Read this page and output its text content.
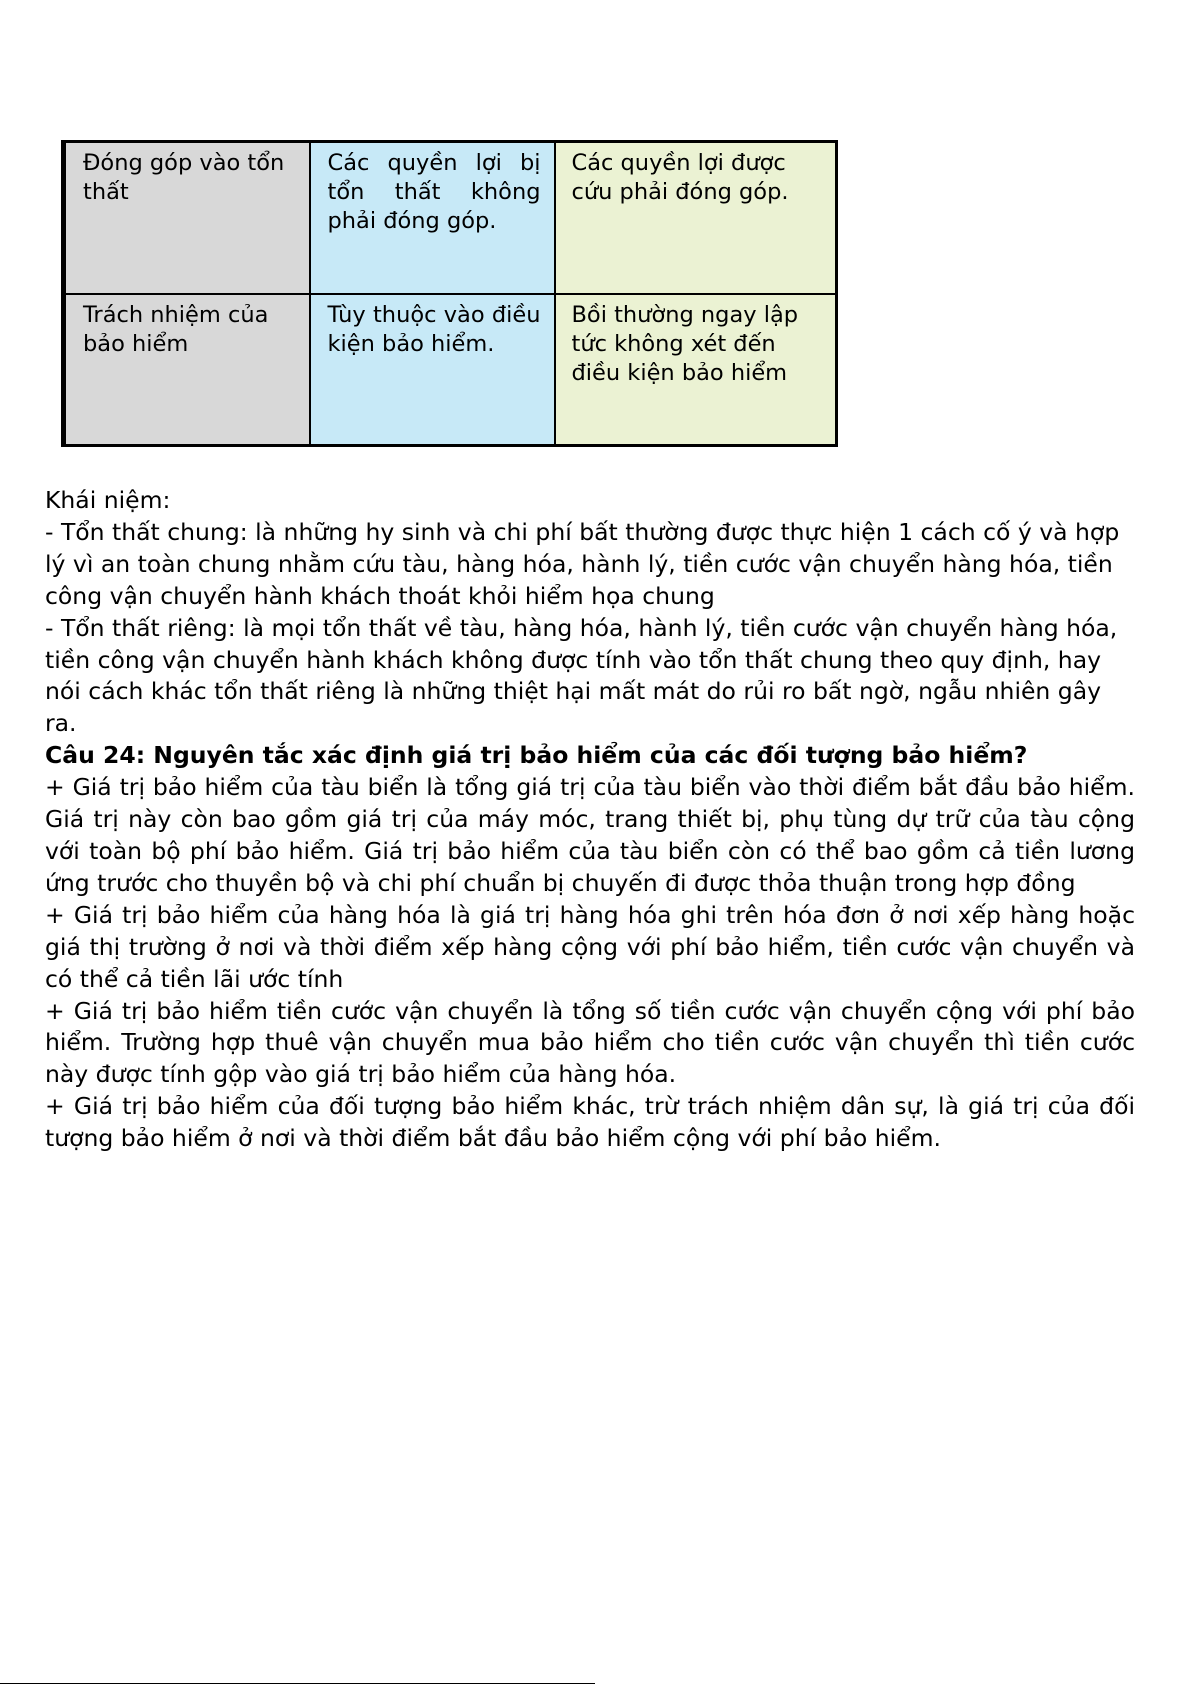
Đóng góp vào tổn thất	Các quyền lợi bị tổn thất không phải đóng góp.	Các quyền lợi được cứu phải đóng góp.
Trách nhiệm của bảo hiểm	Tùy thuộc vào điều kiện bảo hiểm.	Bồi thường ngay lập tức không xét đến điều kiện bảo hiểm

Khái niệm:

- Tổn thất chung: là những hy sinh và chi phí bất thường được thực hiện 1 cách cố ý và hợp lý vì an toàn chung nhằm cứu tàu, hàng hóa, hành lý, tiền cước vận chuyển hàng hóa, tiền công vận chuyển hành khách thoát khỏi hiểm họa chung

- Tổn thất riêng: là mọi tổn thất về tàu, hàng hóa, hành lý, tiền cước vận chuyển hàng hóa, tiền công vận chuyển hành khách không được tính vào tổn thất chung theo quy định, hay nói cách khác tổn thất riêng là những thiệt hại mất mát do rủi ro bất ngờ, ngẫu nhiên gây ra.

Câu 24: Nguyên tắc xác định giá trị bảo hiểm của các đối tượng bảo hiểm?

+ Giá trị bảo hiểm của tàu biển là tổng giá trị của tàu biển vào thời điểm bắt đầu bảo hiểm. Giá trị này còn bao gồm giá trị của máy móc, trang thiết bị, phụ tùng dự trữ của tàu cộng với toàn bộ phí bảo hiểm. Giá trị bảo hiểm của tàu biển còn có thể bao gồm cả tiền lương ứng trước cho thuyền bộ và chi phí chuẩn bị chuyến đi được thỏa thuận trong hợp đồng

+ Giá trị bảo hiểm của hàng hóa là giá trị hàng hóa ghi trên hóa đơn ở nơi xếp hàng hoặc giá thị trường ở nơi và thời điểm xếp hàng cộng với phí bảo hiểm, tiền cước vận chuyển và có thể cả tiền lãi ước tính

+ Giá trị bảo hiểm tiền cước vận chuyển là tổng số tiền cước vận chuyển cộng với phí bảo hiểm. Trường hợp thuê vận chuyển mua bảo hiểm cho tiền cước vận chuyển thì tiền cước này được tính gộp vào giá trị bảo hiểm của hàng hóa.

+ Giá trị bảo hiểm của đối tượng bảo hiểm khác, trừ trách nhiệm dân sự, là giá trị của đối tượng bảo hiểm ở nơi và thời điểm bắt đầu bảo hiểm cộng với phí bảo hiểm.
